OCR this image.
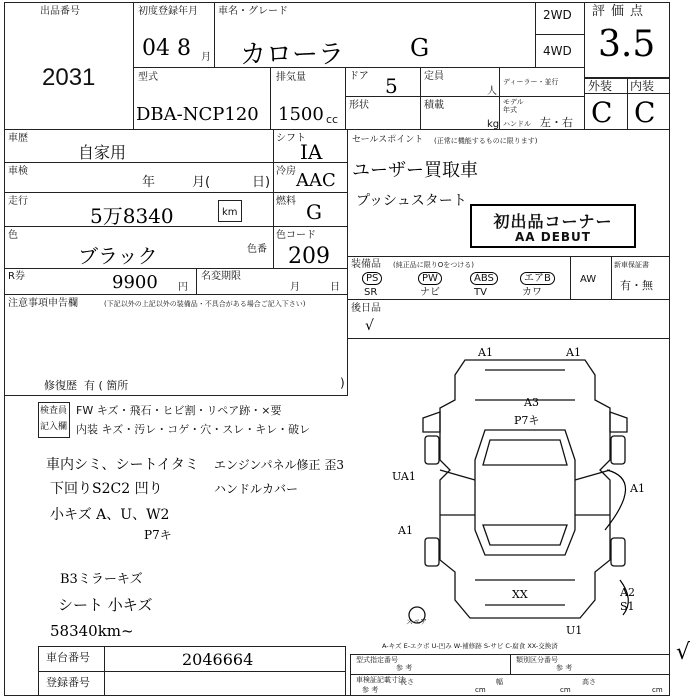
出品番号
2031
初度登録年月
04 8 月
車名・グレード
カローラ	G
2WD
4WD
評価点
3.5
外装 内装
C C
型式
DBA-NCP120
排気量
1500 cc
ドア 5	定員
人
ディーラー・並行
形状	積載
kg
モデル年式
ハンドル 左・右
車歴
自家用
シフト
IA
車検
年	月(	日)
冷房 AAC
走行
5万8340	km
燃料 G
色
ブラック	色番
色コード
209
R券	9900 円
名変期限
月	日
セールスポイント (正常に機能するものに限ります)
ユーザー買取車
プッシュスタート
初出品コーナー
AA DEBUT
装備品 (純正品に限りOをつける)
PS	PW	ABS	エアB	AW
SR	ナビ	TV	カワ
新車保証書
有・無
後日品
√
注意事項申告欄	(下記以外の上記以外の装備品・不具合がある場合ご記入下さい)
修復歴 有 ( 箇所	)
検査員
記入欄
FW キズ・飛石・ヒビ割・リペア跡・×要
内装 キズ・汚レ・コゲ・穴・スレ・キレ・破レ
車内シミ、シートイタミ エンジンパネル修正 歪3
下回りS2C2 凹り	ハンドルカバー
小キズ A、U、W2
P7キ
B3ミラーキズ
シート 小キズ
58340km~
A1	A1
A3
P7キ
UA1
A1
A1
XX	A2
S1
U1
スペア
A-キズ E-エクボ U-凹み W-補修跡 S-サビ C-腐食 XX-交換済
車台番号	2046664
登録番号
型式指定番号
参 考
類別区分番号
参 考
車検証記載寸法
参 考
長さ
cm
幅
cm
高さ
cm
√
